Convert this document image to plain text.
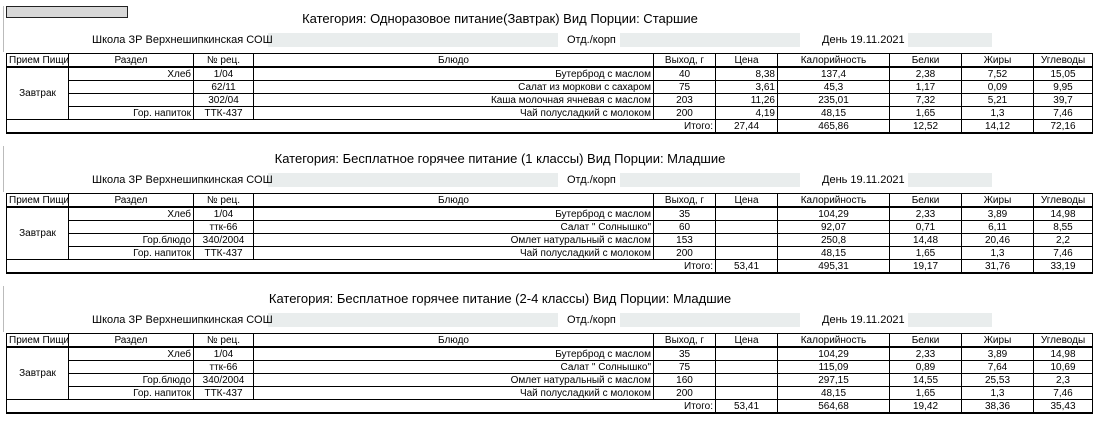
Категория: Одноразовое питание(Завтрак) Вид Порции: Старшие
Школа ЗР Верхнешипкинская СОШ	Отд./корп	День 19.11.2021
Прием Пищи	Раздел	№ рец.	Блюдо	Выход, г	Цена	Калорийность	Белки	Жиры	Углеводы
Завтрак	Хлеб	1/04	Бутерброд с маслом	40	8,38	137,4	2,38	7,52	15,05
		62/11	Салат из моркови с сахаром	75	3,61	45,3	1,17	0,09	9,95
		302/04	Каша молочная ячневая с маслом	203	11,26	235,01	7,32	5,21	39,7
	Гор. напиток	ТТК-437	Чай полусладкий с молоком	200	4,19	48,15	1,65	1,3	7,46
Итого:					27,44	465,86	12,52	14,12	72,16
Категория: Бесплатное горячее питание (1 классы) Вид Порции: Младшие
Школа ЗР Верхнешипкинская СОШ	Отд./корп	День 19.11.2021
Прием Пищи	Раздел	№ рец.	Блюдо	Выход, г	Цена	Калорийность	Белки	Жиры	Углеводы
Завтрак	Хлеб	1/04	Бутерброд с маслом	35		104,29	2,33	3,89	14,98
		ттк-66	Салат " Солнышко"	60		92,07	0,71	6,11	8,55
	Гор.блюдо	340/2004	Омлет натуральный с маслом	153		250,8	14,48	20,46	2,2
	Гор. напиток	ТТК-437	Чай полусладкий с молоком	200		48,15	1,65	1,3	7,46
Итого:					53,41	495,31	19,17	31,76	33,19
Категория: Бесплатное горячее питание (2-4 классы) Вид Порции: Младшие
Школа ЗР Верхнешипкинская СОШ	Отд./корп	День 19.11.2021
Прием Пищи	Раздел	№ рец.	Блюдо	Выход, г	Цена	Калорийность	Белки	Жиры	Углеводы
Завтрак	Хлеб	1/04	Бутерброд с маслом	35		104,29	2,33	3,89	14,98
		ттк-66	Салат " Солнышко"	75		115,09	0,89	7,64	10,69
	Гор.блюдо	340/2004	Омлет натуральный с маслом	160		297,15	14,55	25,53	2,3
	Гор. напиток	ТТК-437	Чай полусладкий с молоком	200		48,15	1,65	1,3	7,46
Итого:					53,41	564,68	19,42	38,36	35,43
